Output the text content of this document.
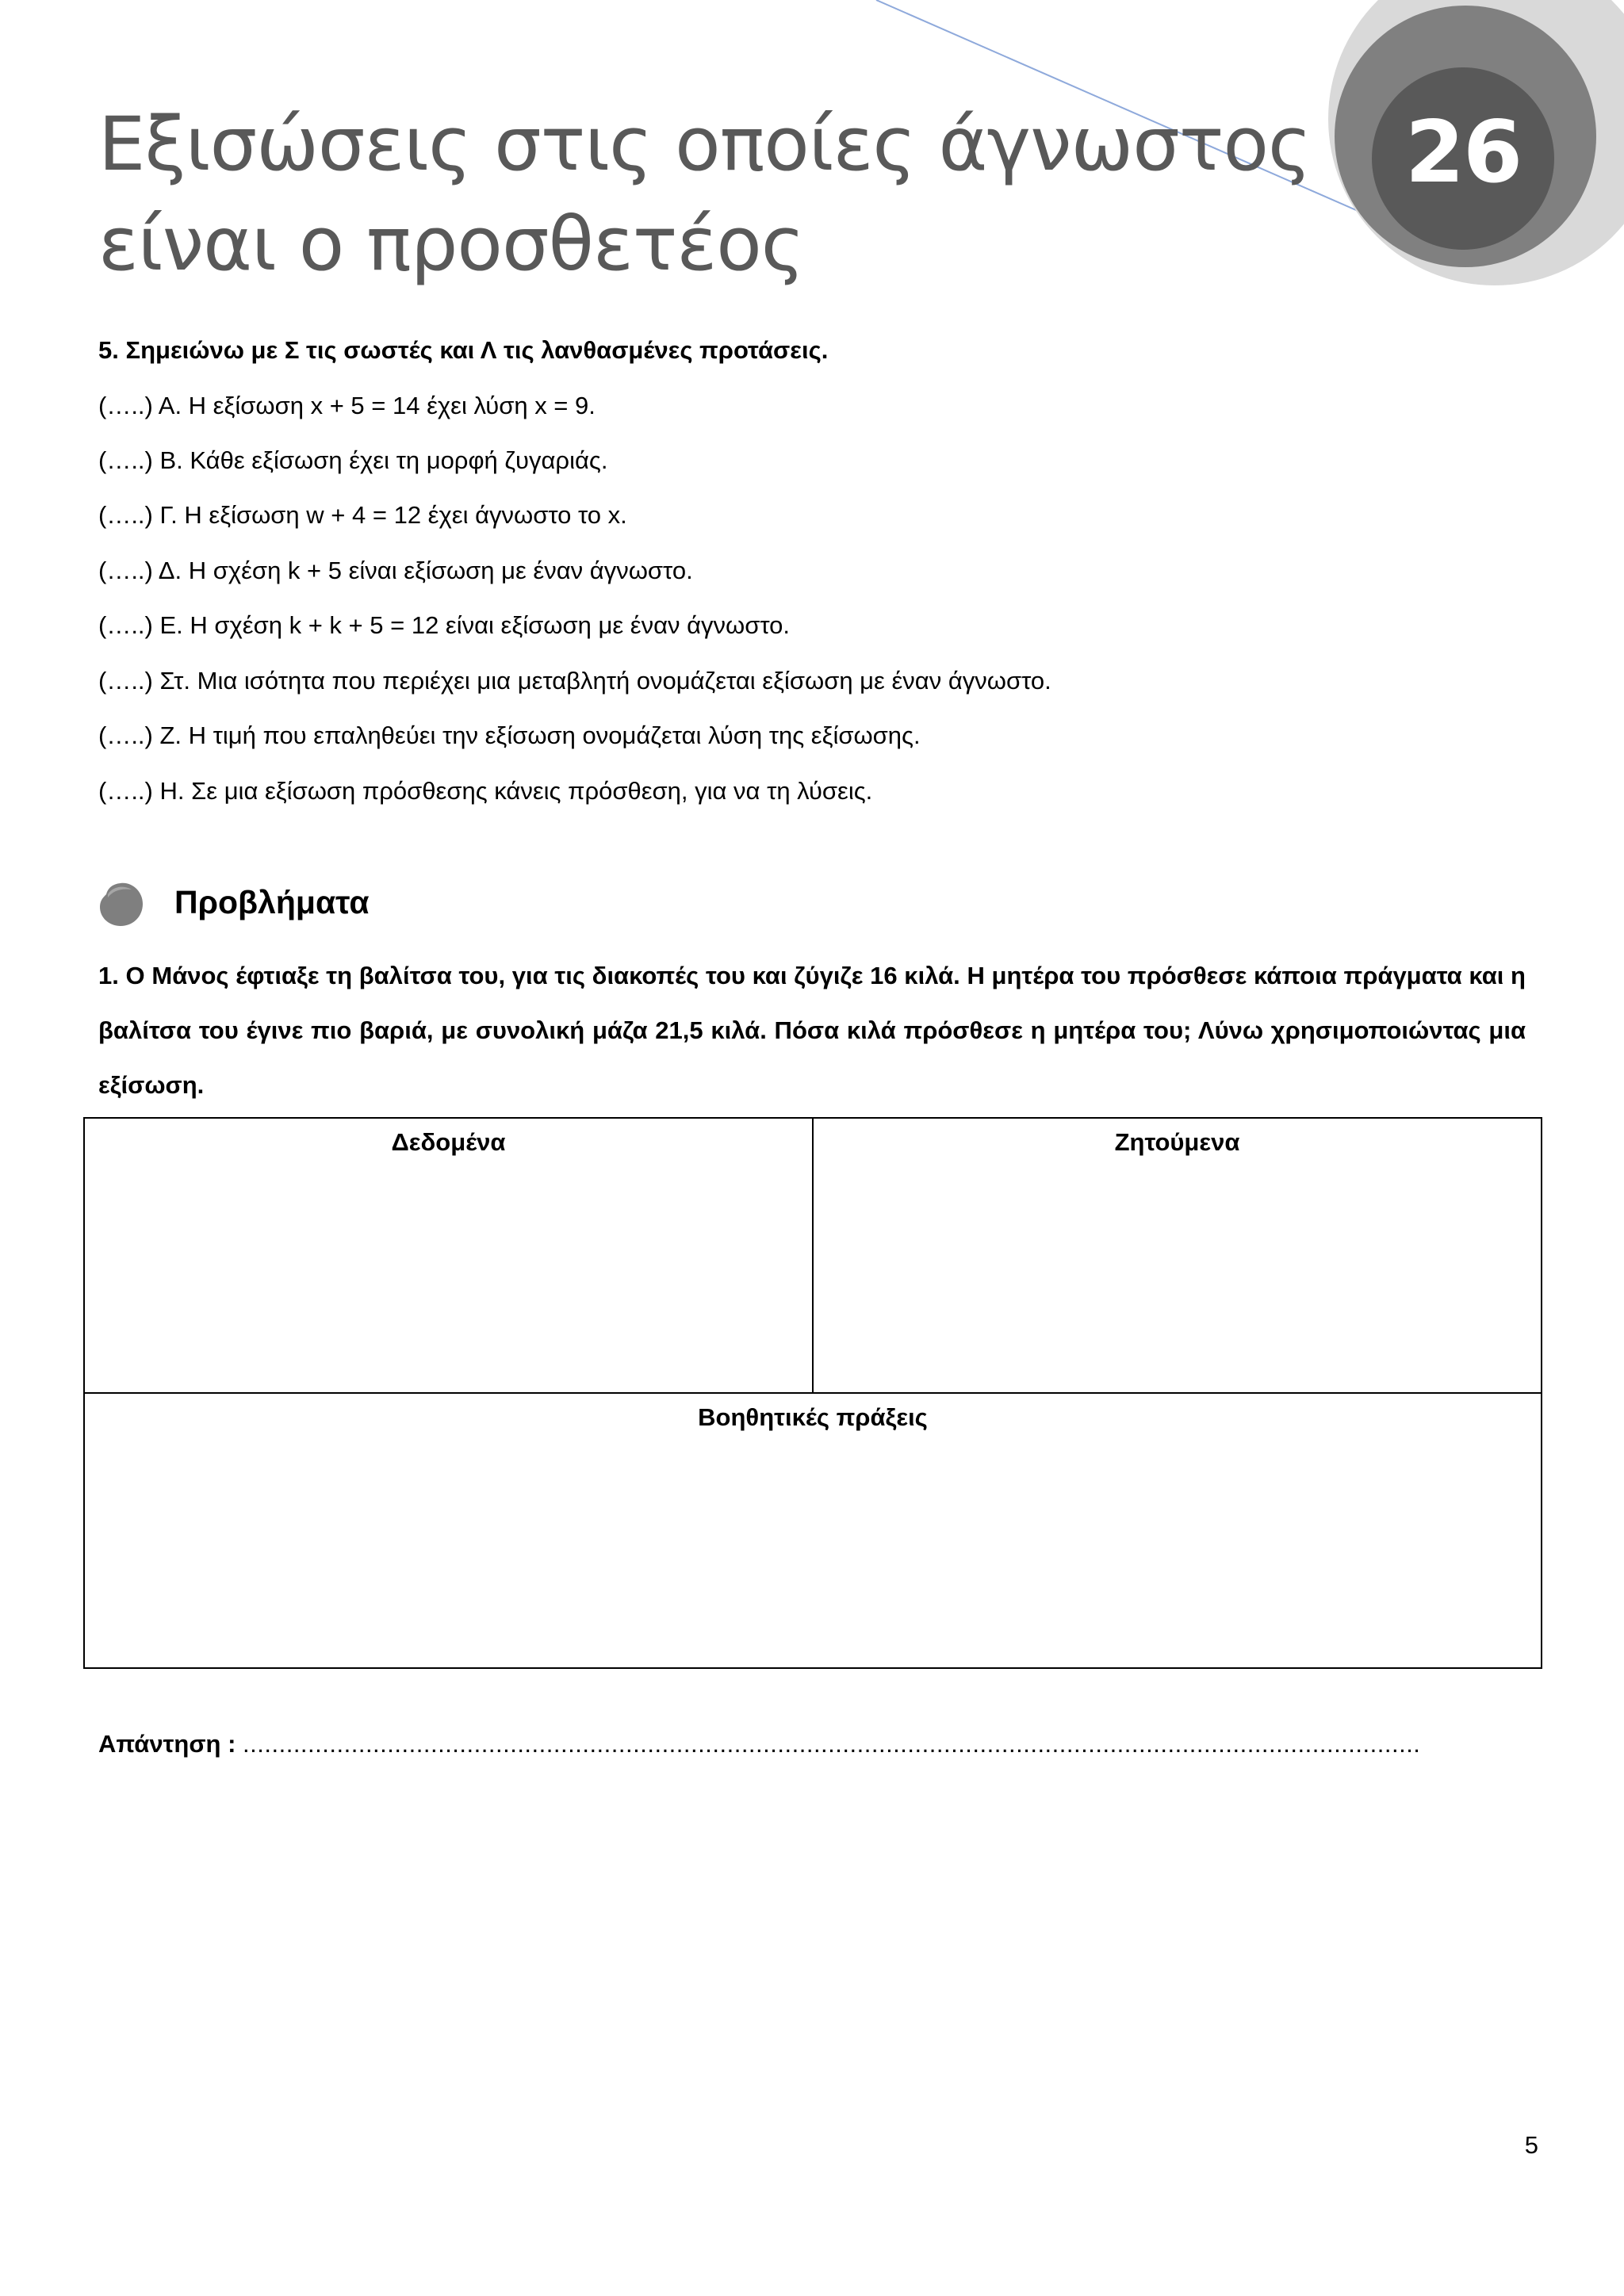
26
Εξισώσεις στις οποίες άγνωστος
είναι ο προσθετέος
5. Σημειώνω με Σ τις σωστές και Λ τις λανθασμένες προτάσεις.
(…..) Α. Η εξίσωση x + 5 = 14 έχει λύση x = 9.
(…..) Β. Κάθε εξίσωση έχει τη μορφή ζυγαριάς.
(…..) Γ. Η εξίσωση w + 4 = 12 έχει άγνωστο το x.
(…..) Δ. Η σχέση k + 5 είναι εξίσωση με έναν άγνωστο.
(…..) Ε. Η σχέση k + k + 5 = 12 είναι εξίσωση με έναν άγνωστο.
(…..) Στ. Μια ισότητα που περιέχει μια μεταβλητή ονομάζεται εξίσωση με έναν άγνωστο.
(…..) Ζ. Η τιμή που επαληθεύει την εξίσωση ονομάζεται λύση της εξίσωσης.
(…..) Η. Σε μια εξίσωση πρόσθεσης κάνεις πρόσθεση, για να τη λύσεις.
Προβλήματα
1. Ο Μάνος έφτιαξε τη βαλίτσα του, για τις διακοπές του και ζύγιζε 16 κιλά. Η μητέρα του πρόσθεσε κάποια πράγματα και η βαλίτσα του έγινε πιο βαριά, με συνολική μάζα 21,5 κιλά. Πόσα κιλά πρόσθεσε η μητέρα του; Λύνω χρησιμοποιώντας μια εξίσωση.
Δεδομένα	Ζητούμενα
Βοηθητικές πράξεις
Απάντηση : ...................................................................................................................................................................
5
